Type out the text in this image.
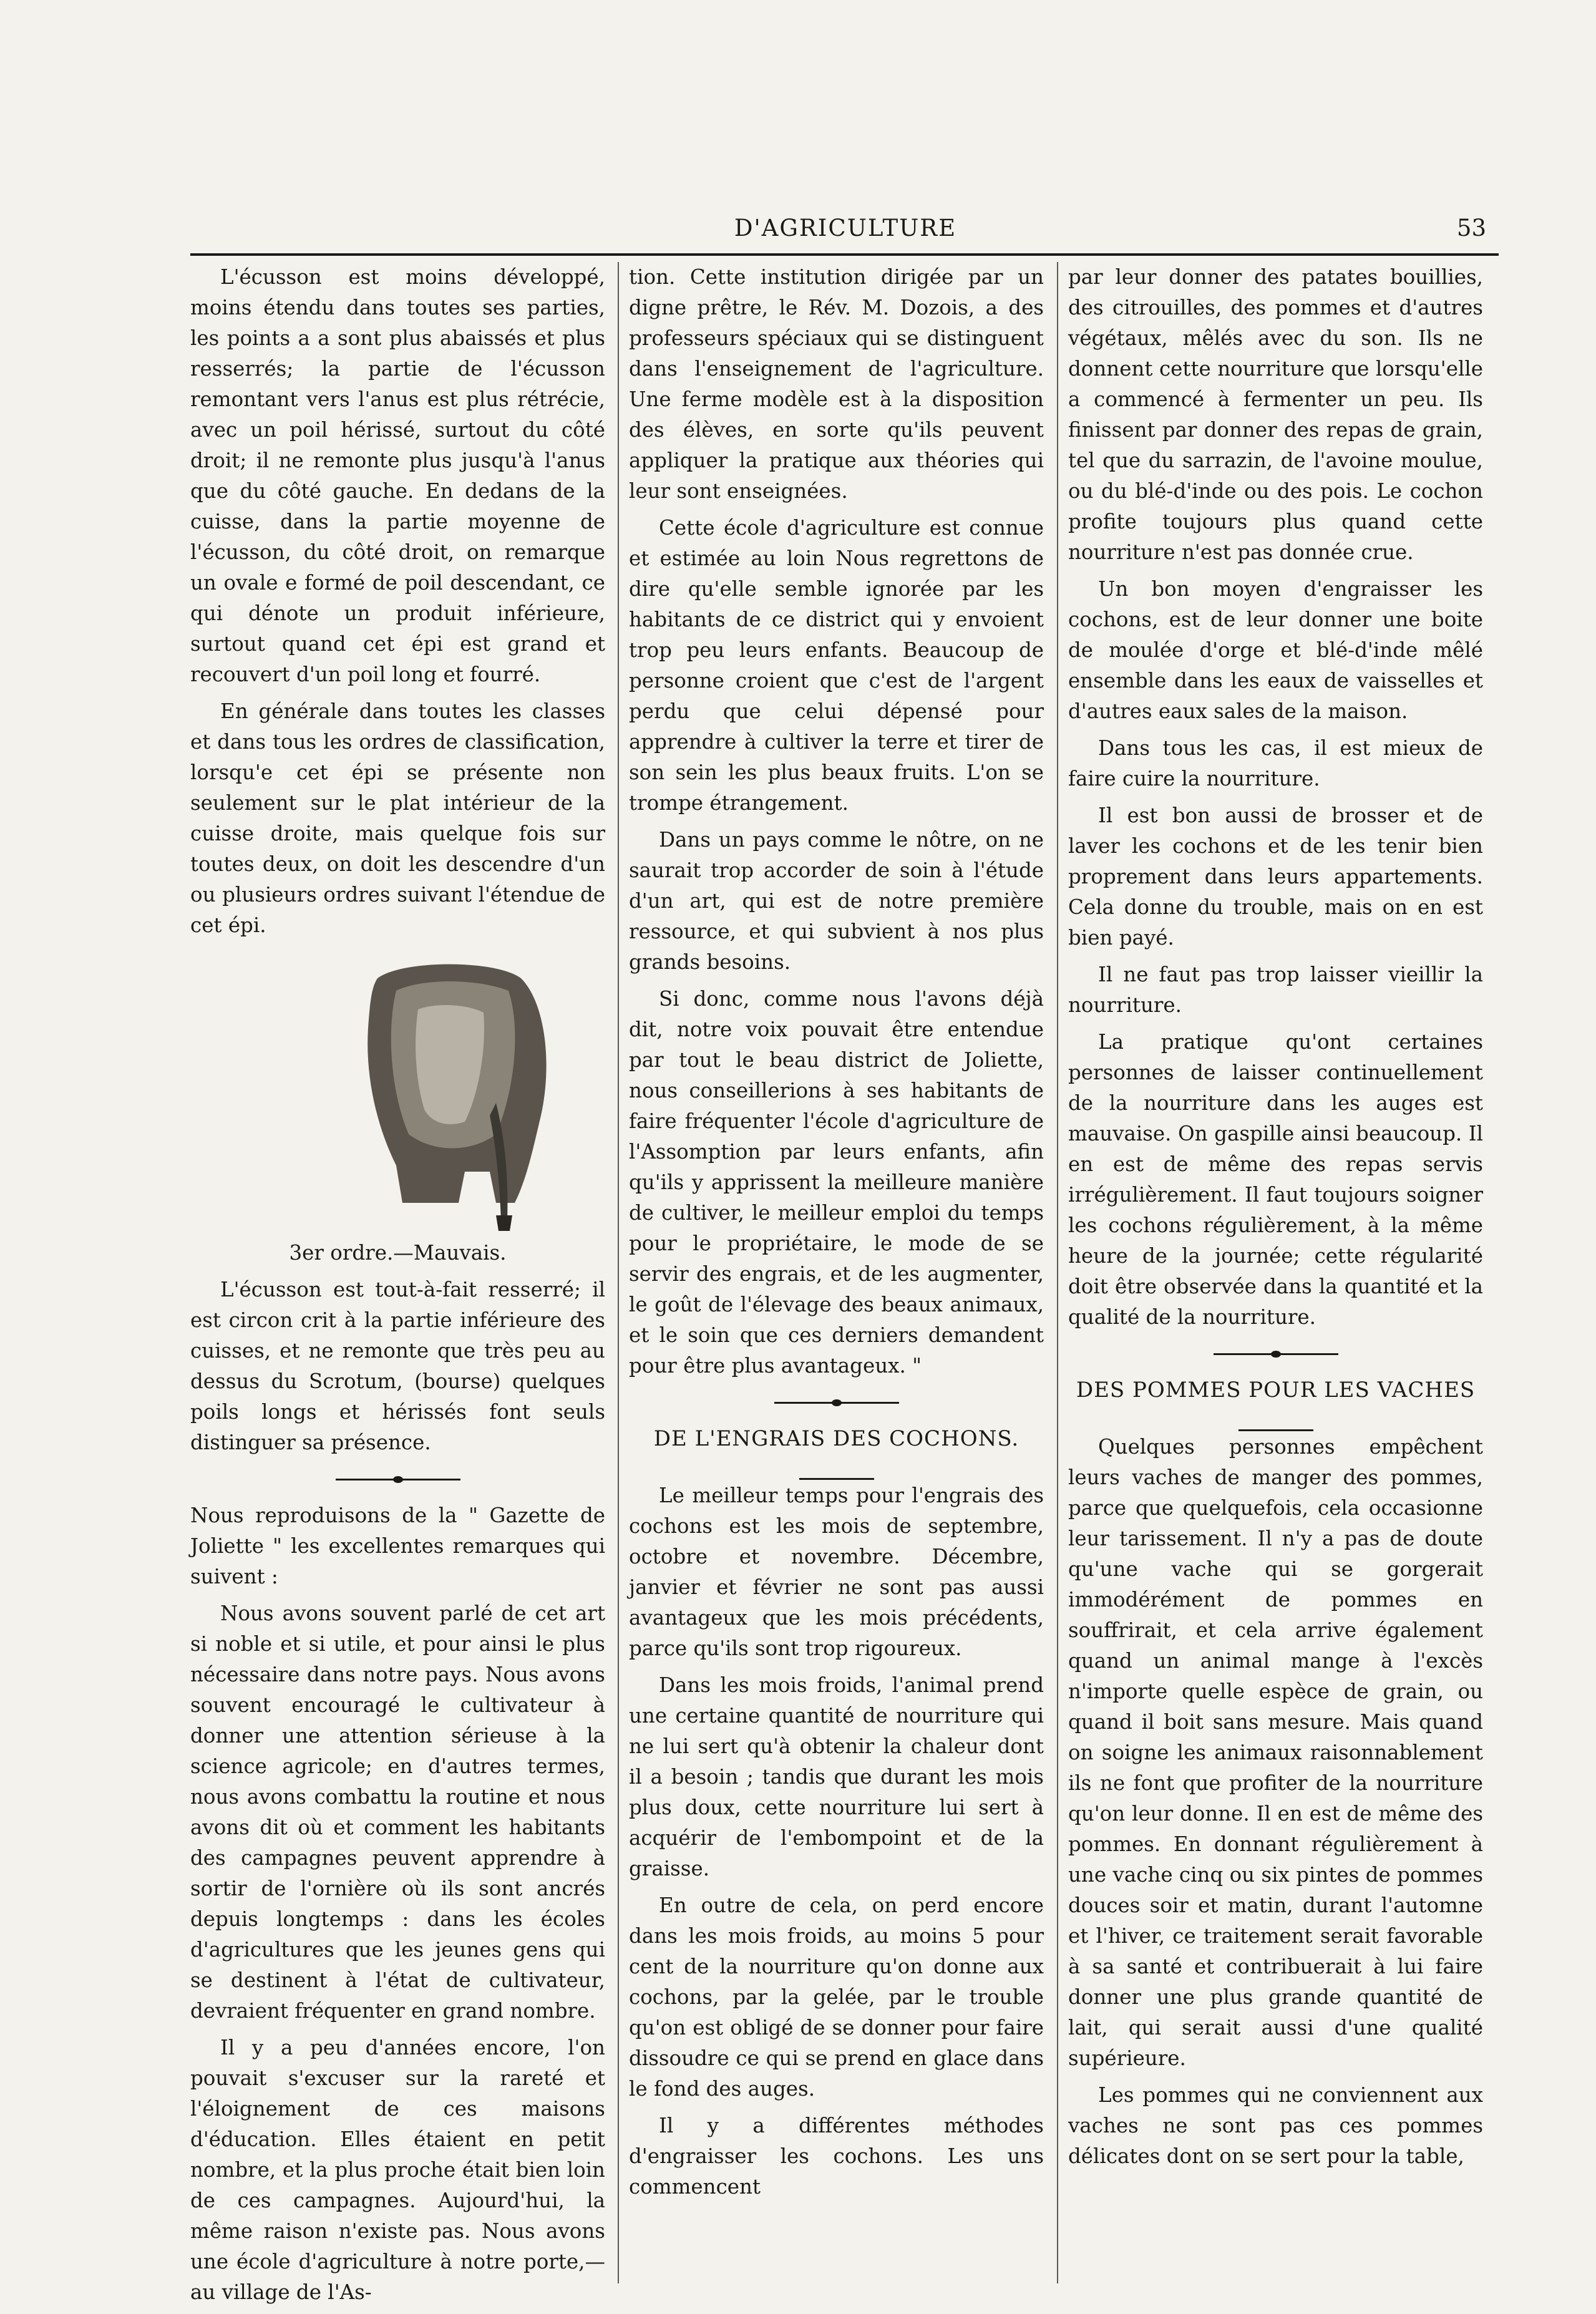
D'AGRICULTURE	53

L'écusson est moins développé, moins étendu dans toutes ses parties, les points a a sont plus abaissés et plus resserrés; la partie de l'écusson remontant vers l'anus est plus rétrécie, avec un poil hérissé, surtout du côté droit; il ne remonte plus jusqu'à l'anus que du côté gauche. En dedans de la cuisse, dans la partie moyenne de l'écusson, du côté droit, on remarque un ovale e formé de poil descendant, ce qui dénote un produit inférieure, surtout quand cet épi est grand et recouvert d'un poil long et fourré.

En générale dans toutes les classes et dans tous les ordres de classification, lorsqu'e cet épi se présente non seulement sur le plat intérieur de la cuisse droite, mais quelque fois sur toutes deux, on doit les descendre d'un ou plusieurs ordres suivant l'étendue de cet épi.

3er ordre.—Mauvais.

L'écusson est tout-à-fait resserré; il est circon crit à la partie inférieure des cuisses, et ne remonte que très peu au dessus du Scrotum, (bourse) quelques poils longs et hérissés font seuls distinguer sa présence.

Nous reproduisons de la " Gazette de Joliette " les excellentes remarques qui suivent :

Nous avons souvent parlé de cet art si noble et si utile, et pour ainsi le plus nécessaire dans notre pays. Nous avons souvent encouragé le cultivateur à donner une attention sérieuse à la science agricole; en d'autres termes, nous avons combattu la routine et nous avons dit où et comment les habitants des campagnes peuvent apprendre à sortir de l'ornière où ils sont ancrés depuis longtemps : dans les écoles d'agricultures que les jeunes gens qui se destinent à l'état de cultivateur, devraient fréquenter en grand nombre.

Il y a peu d'années encore, l'on pouvait s'excuser sur la rareté et l'éloignement de ces maisons d'éducation. Elles étaient en petit nombre, et la plus proche était bien loin de ces campagnes. Aujourd'hui, la même raison n'existe pas. Nous avons une école d'agriculture à notre porte,—au village de l'As-

tion. Cette institution dirigée par un digne prêtre, le Rév. M. Dozois, a des professeurs spéciaux qui se distinguent dans l'enseignement de l'agriculture. Une ferme modèle est à la disposition des élèves, en sorte qu'ils peuvent appliquer la pratique aux théories qui leur sont enseignées.

Cette école d'agriculture est connue et estimée au loin Nous regrettons de dire qu'elle semble ignorée par les habitants de ce district qui y envoient trop peu leurs enfants. Beaucoup de personne croient que c'est de l'argent perdu que celui dépensé pour apprendre à cultiver la terre et tirer de son sein les plus beaux fruits. L'on se trompe étrangement.

Dans un pays comme le nôtre, on ne saurait trop accorder de soin à l'étude d'un art, qui est de notre première ressource, et qui subvient à nos plus grands besoins.

Si donc, comme nous l'avons déjà dit, notre voix pouvait être entendue par tout le beau district de Joliette, nous conseillerions à ses habitants de faire fréquenter l'école d'agriculture de l'Assomption par leurs enfants, afin qu'ils y apprissent la meilleure manière de cultiver, le meilleur emploi du temps pour le propriétaire, le mode de se servir des engrais, et de les augmenter, le goût de l'élevage des beaux animaux, et le soin que ces derniers demandent pour être plus avantageux. "

DE L'ENGRAIS DES COCHONS.

Le meilleur temps pour l'engrais des cochons est les mois de septembre, octobre et novembre. Décembre, janvier et février ne sont pas aussi avantageux que les mois précédents, parce qu'ils sont trop rigoureux.

Dans les mois froids, l'animal prend une certaine quantité de nourriture qui ne lui sert qu'à obtenir la chaleur dont il a besoin ; tandis que durant les mois plus doux, cette nourriture lui sert à acquérir de l'embompoint et de la graisse.

En outre de cela, on perd encore dans les mois froids, au moins 5 pour cent de la nourriture qu'on donne aux cochons, par la gelée, par le trouble qu'on est obligé de se donner pour faire dissoudre ce qui se prend en glace dans le fond des auges.

Il y a différentes méthodes d'engraisser les cochons. Les uns commencent

par leur donner des patates bouillies, des citrouilles, des pommes et d'autres végétaux, mêlés avec du son. Ils ne donnent cette nourriture que lorsqu'elle a commencé à fermenter un peu. Ils finissent par donner des repas de grain, tel que du sarrazin, de l'avoine moulue, ou du blé-d'inde ou des pois. Le cochon profite toujours plus quand cette nourriture n'est pas donnée crue.

Un bon moyen d'engraisser les cochons, est de leur donner une boite de moulée d'orge et blé-d'inde mêlé ensemble dans les eaux de vaisselles et d'autres eaux sales de la maison.

Dans tous les cas, il est mieux de faire cuire la nourriture.

Il est bon aussi de brosser et de laver les cochons et de les tenir bien proprement dans leurs appartements. Cela donne du trouble, mais on en est bien payé.

Il ne faut pas trop laisser vieillir la nourriture.

La pratique qu'ont certaines personnes de laisser continuellement de la nourriture dans les auges est mauvaise. On gaspille ainsi beaucoup. Il en est de même des repas servis irrégulièrement. Il faut toujours soigner les cochons régulièrement, à la même heure de la journée; cette régularité doit être observée dans la quantité et la qualité de la nourriture.

DES POMMES POUR LES VACHES

Quelques personnes empêchent leurs vaches de manger des pommes, parce que quelquefois, cela occasionne leur tarissement. Il n'y a pas de doute qu'une vache qui se gorgerait immodérément de pommes en souffrirait, et cela arrive également quand un animal mange à l'excès n'importe quelle espèce de grain, ou quand il boit sans mesure. Mais quand on soigne les animaux raisonnablement ils ne font que profiter de la nourriture qu'on leur donne. Il en est de même des pommes. En donnant régulièrement à une vache cinq ou six pintes de pommes douces soir et matin, durant l'automne et l'hiver, ce traitement serait favorable à sa santé et contribuerait à lui faire donner une plus grande quantité de lait, qui serait aussi d'une qualité supérieure.

Les pommes qui ne conviennent aux vaches ne sont pas ces pommes délicates dont on se sert pour la table,
